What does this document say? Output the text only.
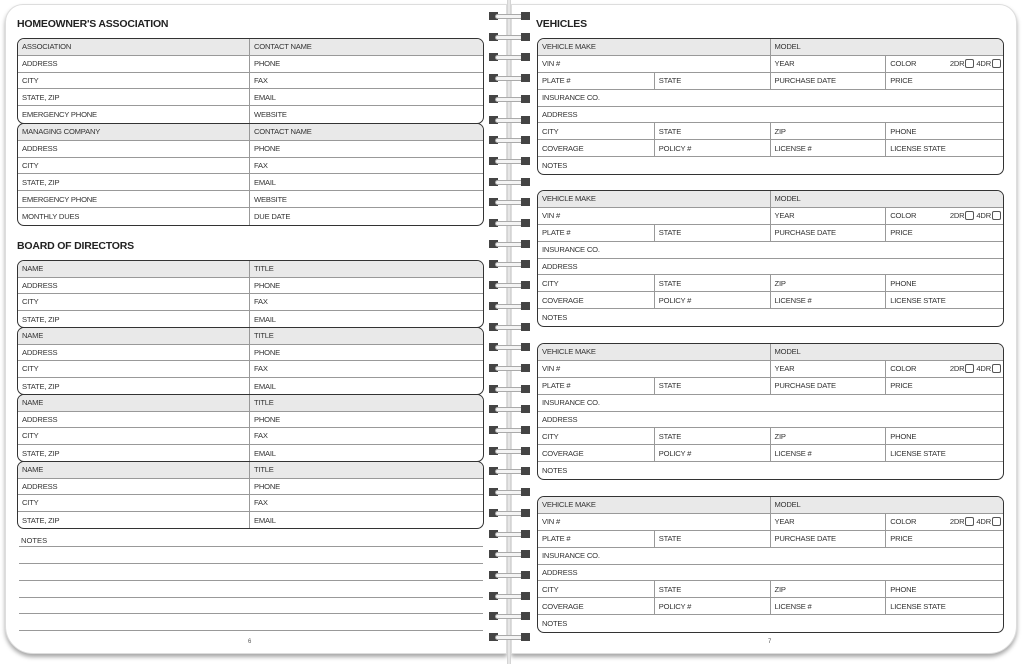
HOMEOWNER'S ASSOCIATION
BOARD OF DIRECTORS
VEHICLES
ASSOCIATION	CONTACT NAME
ADDRESS	PHONE
CITY	FAX
STATE, ZIP	EMAIL
EMERGENCY PHONE	WEBSITE
MANAGING COMPANY	CONTACT NAME
ADDRESS	PHONE
CITY	FAX
STATE, ZIP	EMAIL
EMERGENCY PHONE	WEBSITE
MONTHLY DUES	DUE DATE
NAME	TITLE
ADDRESS	PHONE
CITY	FAX
STATE, ZIP	EMAIL
NAME	TITLE
ADDRESS	PHONE
CITY	FAX
STATE, ZIP	EMAIL
NAME	TITLE
ADDRESS	PHONE
CITY	FAX
STATE, ZIP	EMAIL
NAME	TITLE
ADDRESS	PHONE
CITY	FAX
STATE, ZIP	EMAIL
VEHICLE MAKE	MODEL
VIN #	YEAR	COLOR	2DR 4DR
PLATE #	STATE	PURCHASE DATE	PRICE
INSURANCE CO.
ADDRESS
CITY	STATE	ZIP	PHONE
COVERAGE	POLICY #	LICENSE #	LICENSE STATE
NOTES
VEHICLE MAKE	MODEL
VIN #	YEAR	COLOR	2DR 4DR
PLATE #	STATE	PURCHASE DATE	PRICE
INSURANCE CO.
ADDRESS
CITY	STATE	ZIP	PHONE
COVERAGE	POLICY #	LICENSE #	LICENSE STATE
NOTES
VEHICLE MAKE	MODEL
VIN #	YEAR	COLOR	2DR 4DR
PLATE #	STATE	PURCHASE DATE	PRICE
INSURANCE CO.
ADDRESS
CITY	STATE	ZIP	PHONE
COVERAGE	POLICY #	LICENSE #	LICENSE STATE
NOTES
VEHICLE MAKE	MODEL
VIN #	YEAR	COLOR	2DR 4DR
PLATE #	STATE	PURCHASE DATE	PRICE
INSURANCE CO.
ADDRESS
CITY	STATE	ZIP	PHONE
COVERAGE	POLICY #	LICENSE #	LICENSE STATE
NOTES
NOTES
6	7
